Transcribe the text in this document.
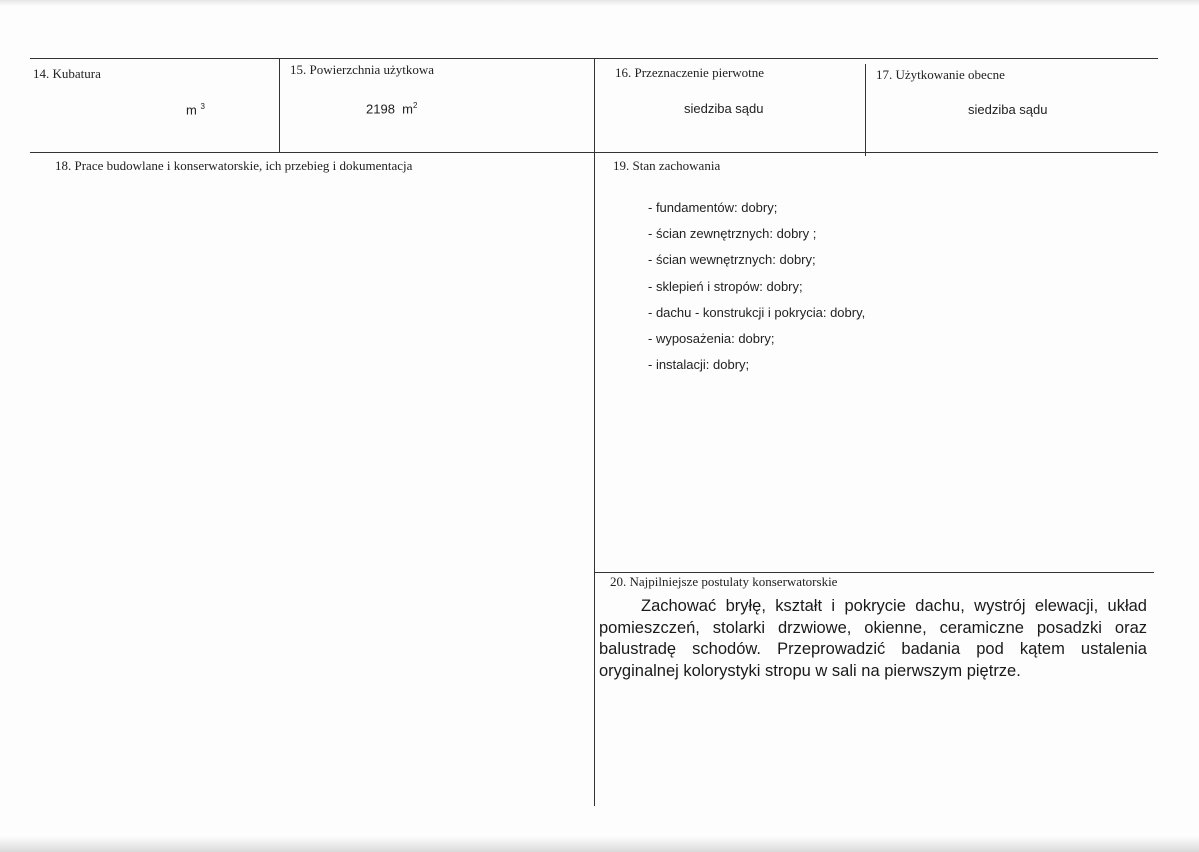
14. Kubatura
m $^3$
15. Powierzchnia użytkowa
2198 $m^2$
16. Przeznaczenie pierwotne
siedziba sądu
17. Użytkowanie obecne
siedziba sądu
18. Prace budowlane i konserwatorskie, ich przebieg i dokumentacja	19. Stan zachowania
- fundamentów: dobry;
- ścian zewnętrznych: dobry ;
- ścian wewnętrznych: dobry;
- sklepień i stropów: dobry;
- dachu - konstrukcji i pokrycia: dobry,
- wyposażenia: dobry;
- instalacji: dobry;
20. Najpilniejsze postulaty konserwatorskie
Zachować bryłę, kształt i pokrycie dachu, wystrój elewacji, układ pomieszczeń, stolarki drzwiowe, okienne, ceramiczne posadzki oraz balustradę schodów. Przeprowadzić badania pod kątem ustalenia oryginalnej kolorystyki stropu w sali na pierwszym piętrze.
